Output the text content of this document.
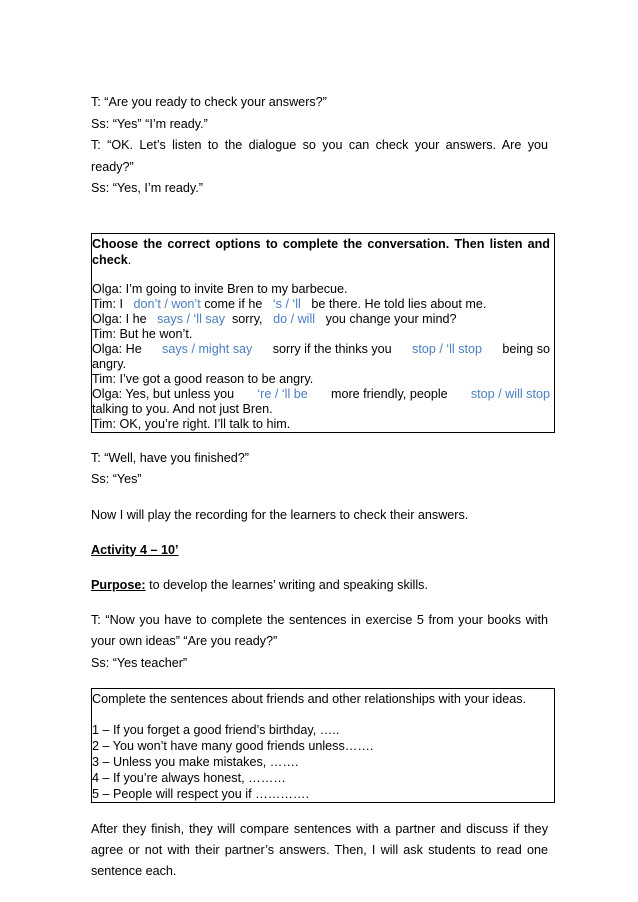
T: “Are you ready to check your answers?”

Ss: “Yes” “I’m ready.”

T: “OK. Let’s listen to the dialogue so you can check your answers. Are you ready?”

Ss: “Yes, I’m ready.”

Choose the correct options to complete the conversation. Then listen and check.

Olga: I’m going to invite Bren to my barbecue.

Tim: I don’t / won’t come if he ‘s / ‘ll be there. He told lies about me.

Olga: I he says / ‘ll say sorry, do / will you change your mind?

Tim: But he won’t.

Olga: He says / might say sorry if the thinks you stop / ‘ll stop being so

angry.

Tim: I’ve got a good reason to be angry.

Olga: Yes, but unless you ‘re / ‘ll be more friendly, people stop / will stop

talking to you. And not just Bren.

Tim: OK, you’re right. I’ll talk to him.

T: “Well, have you finished?”

Ss: “Yes”

Now I will play the recording for the learners to check their answers.

Activity 4 – 10’

Purpose: to develop the learnes’ writing and speaking skills.

T: “Now you have to complete the sentences in exercise 5 from your books with your own ideas” “Are you ready?”

Ss: “Yes teacher”

Complete the sentences about friends and other relationships with your ideas.

1 – If you forget a good friend’s birthday, …..

2 – You won’t have many good friends unless…….

3 – Unless you make mistakes, …….

4 – If you’re always honest, ………

5 – People will respect you if ………….

After they finish, they will compare sentences with a partner and discuss if they agree or not with their partner’s answers. Then, I will ask students to read one sentence each.
